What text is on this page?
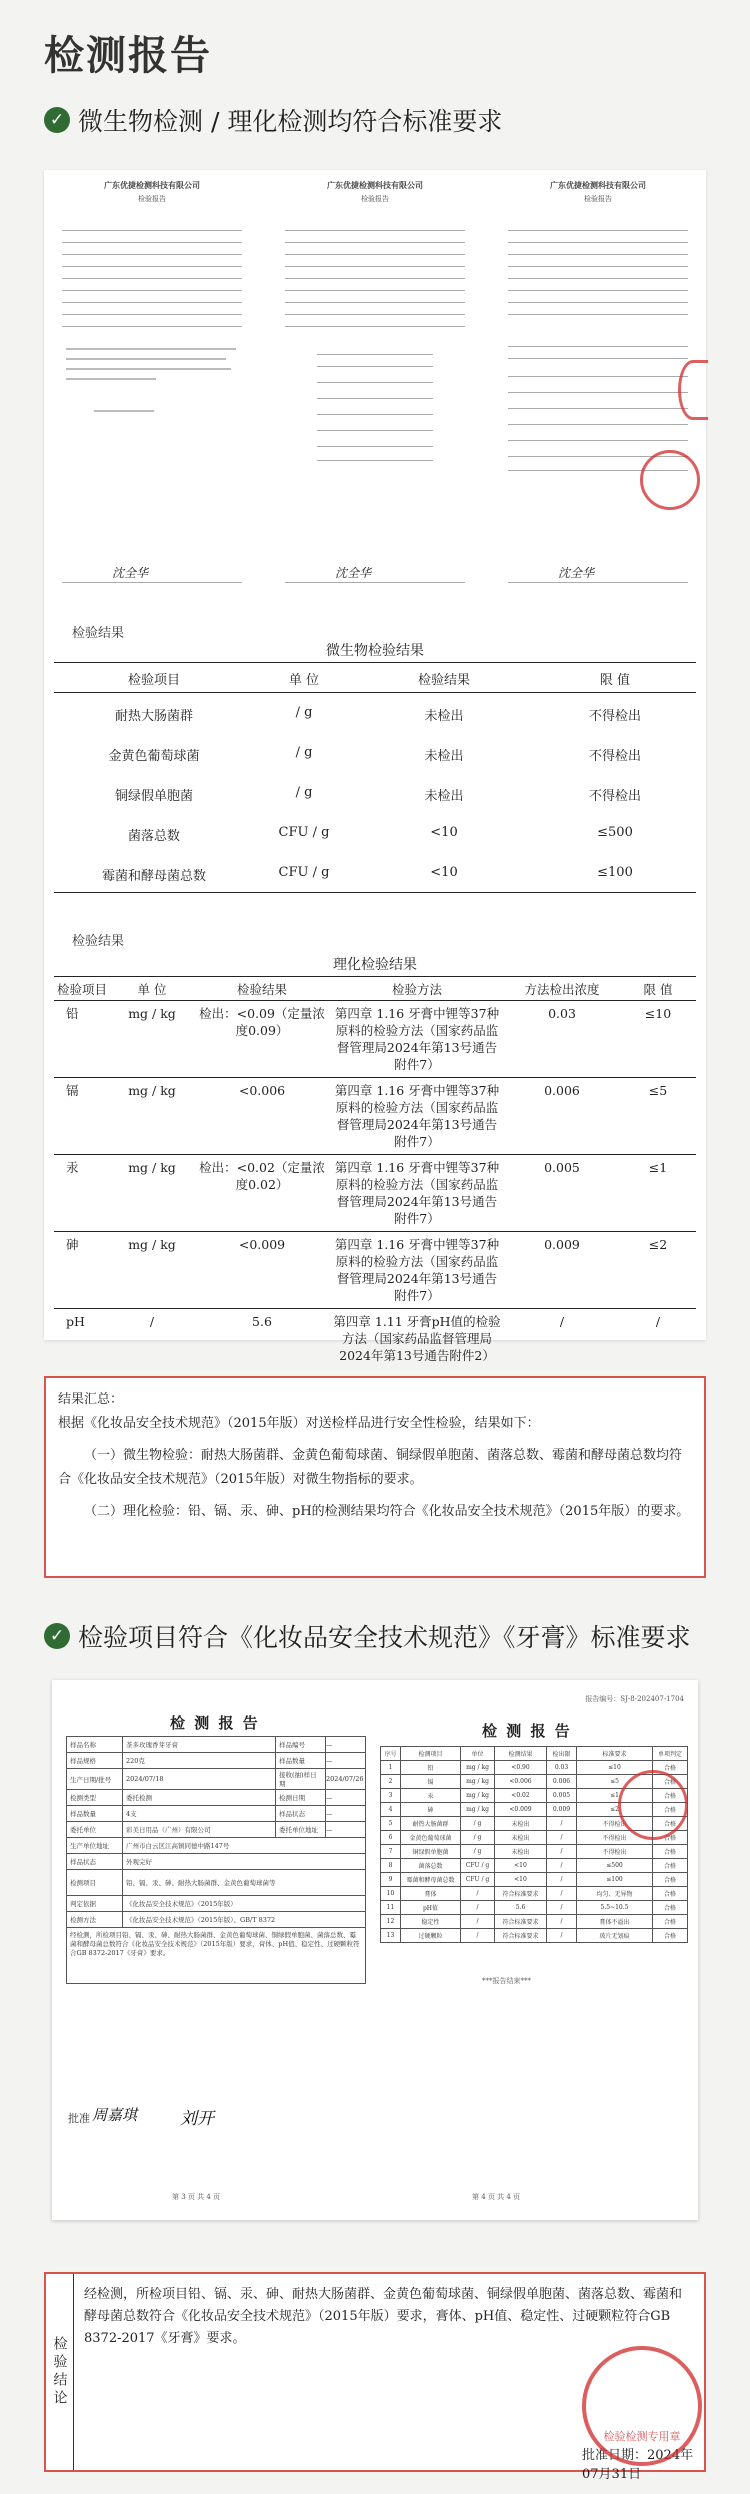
检测报告
✓ 微生物检测 / 理化检测均符合标准要求
广东优捷检测科技有限公司
检验报告
沈全华
广东优捷检测科技有限公司
检验报告
沈全华
广东优捷检测科技有限公司
检验报告
沈全华
检验结果
微生物检验结果
检验项目	单 位	检验结果	限 值
耐热大肠菌群	/ g	未检出	不得检出
金黄色葡萄球菌	/ g	未检出	不得检出
铜绿假单胞菌	/ g	未检出	不得检出
菌落总数	CFU / g	<10	≤500
霉菌和酵母菌总数	CFU / g	<10	≤100
检验结果
理化检验结果
检验项目	单 位	检验结果	检验方法	方法检出浓度	限 值
铅	mg / kg	检出：<0.09（定量浓度0.09）	第四章 1.16 牙膏中锂等37种原料的检验方法（国家药品监督管理局2024年第13号通告附件7）	0.03	≤10
镉	mg / kg	<0.006	第四章 1.16 牙膏中锂等37种原料的检验方法（国家药品监督管理局2024年第13号通告附件7）	0.006	≤5
汞	mg / kg	检出：<0.02（定量浓度0.02）	第四章 1.16 牙膏中锂等37种原料的检验方法（国家药品监督管理局2024年第13号通告附件7）	0.005	≤1
砷	mg / kg	<0.009	第四章 1.16 牙膏中锂等37种原料的检验方法（国家药品监督管理局2024年第13号通告附件7）	0.009	≤2
pH	/	5.6	第四章 1.11 牙膏pH值的检验方法（国家药品监督管理局2024年第13号通告附件2）	/	/
结果汇总：
根据《化妆品安全技术规范》（2015年版）对送检样品进行安全性检验，结果如下：
（一）微生物检验：耐热大肠菌群、金黄色葡萄球菌、铜绿假单胞菌、菌落总数、霉菌和酵母菌总数均符合《化妆品安全技术规范》（2015年版）对微生物指标的要求。
（二）理化检验：铅、镉、汞、砷、pH的检测结果均符合《化妆品安全技术规范》（2015年版）的要求。
✓ 检验项目符合《化妆品安全技术规范》《牙膏》标准要求
报告编号：SJ-8-202407-1704
检 测 报 告
样品名称	茶多玫瑰香芽牙膏	样品编号	—
样品规格	220克	样品数量	—
生产日期/批号	2024/07/18	接收(抽)样日期	2024/07/26
检测类型	委托检测	检测日期	—
样品数量	4支	样品状态	—
委托单位	彩美日用品（广州）有限公司	委托单位地址	—
生产单位地址	广州市白云区江高镇同德中路147号		
样品状态	外观完好		
检测项目	铅、镉、汞、砷、耐热大肠菌群、金黄色葡萄球菌等		
判定依据	《化妆品安全技术规范》（2015年版）		
检测方法	《化妆品安全技术规范》（2015年版）、GB/T 8372		
经检测，所检项目铅、镉、汞、砷、耐热大肠菌群、金黄色葡萄球菌、铜绿假单胞菌、菌落总数、霉菌和酵母菌总数符合《化妆品安全技术规范》（2015年版）要求，膏体、pH值、稳定性、过硬颗粒符合GB 8372-2017《牙膏》要求。			
批准 周嘉琪	刘开
第 3 页 共 4 页
检 测 报 告
序号	检测项目	单位	检测结果	检出限	标准要求	单项判定
1	铅	mg / kg	<0.90	0.03	≤10	合格
2	镉	mg / kg	<0.006	0.006	≤5	合格
3	汞	mg / kg	<0.02	0.005	≤1	合格
4	砷	mg / kg	<0.009	0.009	≤2	合格
5	耐热大肠菌群	/ g	未检出	/	不得检出	合格
6	金黄色葡萄球菌	/ g	未检出	/	不得检出	合格
7	铜绿假单胞菌	/ g	未检出	/	不得检出	合格
8	菌落总数	CFU / g	<10	/	≤500	合格
9	霉菌和酵母菌总数	CFU / g	<10	/	≤100	合格
10	膏体	/	符合标准要求	/	均匀、无异物	合格
11	pH值	/	5.6	/	5.5~10.5	合格
12	稳定性	/	符合标准要求	/	膏体不溢出	合格
13	过硬颗粒	/	符合标准要求	/	玻片无划痕	合格
***报告结束***
第 4 页 共 4 页
检验结论
经检测，所检项目铅、镉、汞、砷、耐热大肠菌群、金黄色葡萄球菌、铜绿假单胞菌、菌落总数、霉菌和酵母菌总数符合《化妆品安全技术规范》（2015年版）要求，膏体、pH值、稳定性、过硬颗粒符合GB 8372-2017《牙膏》要求。
批准日期：2024年07月31日
检验检测专用章
